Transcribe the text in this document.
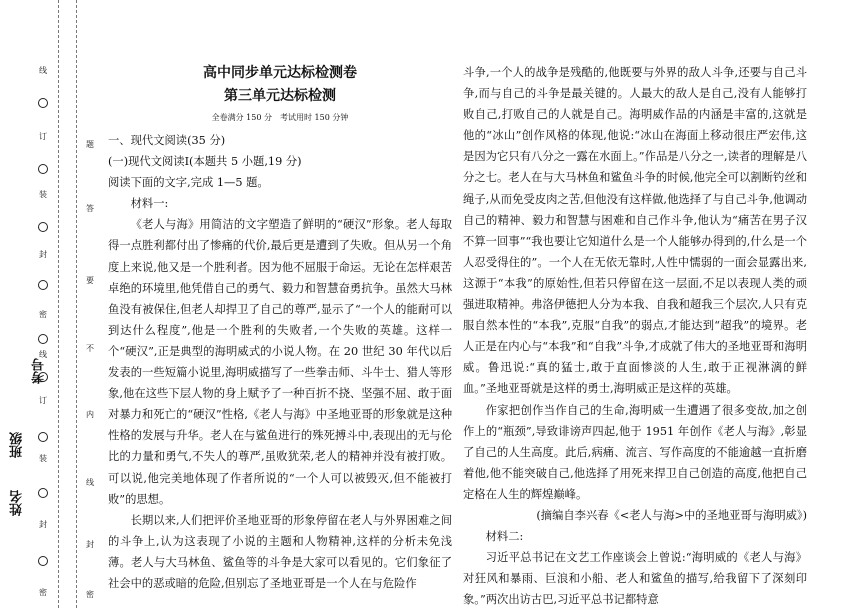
线
订
装
封
密
线
订
装
封
密
题
答
要
不
内
线
封
密
姓名
班级
考号
高中同步单元达标检测卷
第三单元达标检测
全卷满分 150 分　考试用时 150 分钟
一、现代文阅读(35 分)
(一)现代文阅读Ⅰ(本题共 5 小题,19 分)
阅读下面的文字,完成 1—5 题。
材料一:
《老人与海》用简洁的文字塑造了鲜明的“硬汉”形象。老人每取得一点胜利都付出了惨痛的代价,最后更是遭到了失败。但从另一个角度上来说,他又是一个胜利者。因为他不屈服于命运。无论在怎样艰苦卓绝的环境里,他凭借自己的勇气、毅力和智慧奋勇抗争。虽然大马林鱼没有被保住,但老人却捍卫了自己的尊严,显示了“一个人的能耐可以到达什么程度”,他是一个胜利的失败者,一个失败的英雄。这样一个“硬汉”,正是典型的海明威式的小说人物。在 20 世纪 30 年代以后发表的一些短篇小说里,海明威描写了一些拳击师、斗牛士、猎人等形象,他在这些下层人物的身上赋予了一种百折不挠、坚强不屈、敢于面对暴力和死亡的“硬汉”性格,《老人与海》中圣地亚哥的形象就是这种性格的发展与升华。老人在与鲨鱼进行的殊死搏斗中,表现出的无与伦比的力量和勇气,不失人的尊严,虽败犹荣,老人的精神并没有被打败。可以说,他完美地体现了作者所说的“一个人可以被毁灭,但不能被打败”的思想。
长期以来,人们把评价圣地亚哥的形象停留在老人与外界困难之间的斗争上,认为这表现了小说的主题和人物精神,这样的分析未免浅薄。老人与大马林鱼、鲨鱼等的斗争是大家可以看见的。它们象征了社会中的恶或暗的危险,但别忘了圣地亚哥是一个人在与危险作
斗争,一个人的战争是残酷的,他既要与外界的敌人斗争,还要与自己斗争,而与自己的斗争是最关键的。人最大的敌人是自己,没有人能够打败自己,打败自己的人就是自己。海明威作品的内涵是丰富的,这就是他的“冰山”创作风格的体现,他说:“冰山在海面上移动很庄严宏伟,这是因为它只有八分之一露在水面上。”作品是八分之一,读者的理解是八分之七。老人在与大马林鱼和鲨鱼斗争的时候,他完全可以割断钓丝和绳子,从而免受皮肉之苦,但他没有这样做,他选择了与自己斗争,他调动自己的精神、毅力和智慧与困难和自己作斗争,他认为“痛苦在男子汉不算一回事”“我也要让它知道什么是一个人能够办得到的,什么是一个人忍受得住的”。一个人在无依无靠时,人性中懦弱的一面会显露出来,这源于“本我”的原始性,但若只停留在这一层面,不足以表现人类的顽强进取精神。弗洛伊德把人分为本我、自我和超我三个层次,人只有克服自然本性的“本我”,克服“自我”的弱点,才能达到“超我”的境界。老人正是在内心与“本我”和“自我”斗争,才成就了伟大的圣地亚哥和海明威。鲁迅说:“真的猛士,敢于直面惨淡的人生,敢于正视淋漓的鲜血。”圣地亚哥就是这样的勇士,海明威正是这样的英雄。
作家把创作当作自己的生命,海明威一生遭遇了很多变故,加之创作上的“瓶颈”,导致诽谤声四起,他于 1951 年创作《老人与海》,彰显了自己的人生高度。此后,病痛、流言、写作高度的不能逾越一直折磨着他,他不能突破自己,他选择了用死来捍卫自己创造的高度,他把自己定格在人生的辉煌巅峰。
(摘编自李兴春《<老人与海>中的圣地亚哥与海明威》)
材料二:
习近平总书记在文艺工作座谈会上曾说:“海明威的《老人与海》对狂风和暴雨、巨浪和小船、老人和鲨鱼的描写,给我留下了深刻印象。”两次出访古巴,习近平总书记都特意
